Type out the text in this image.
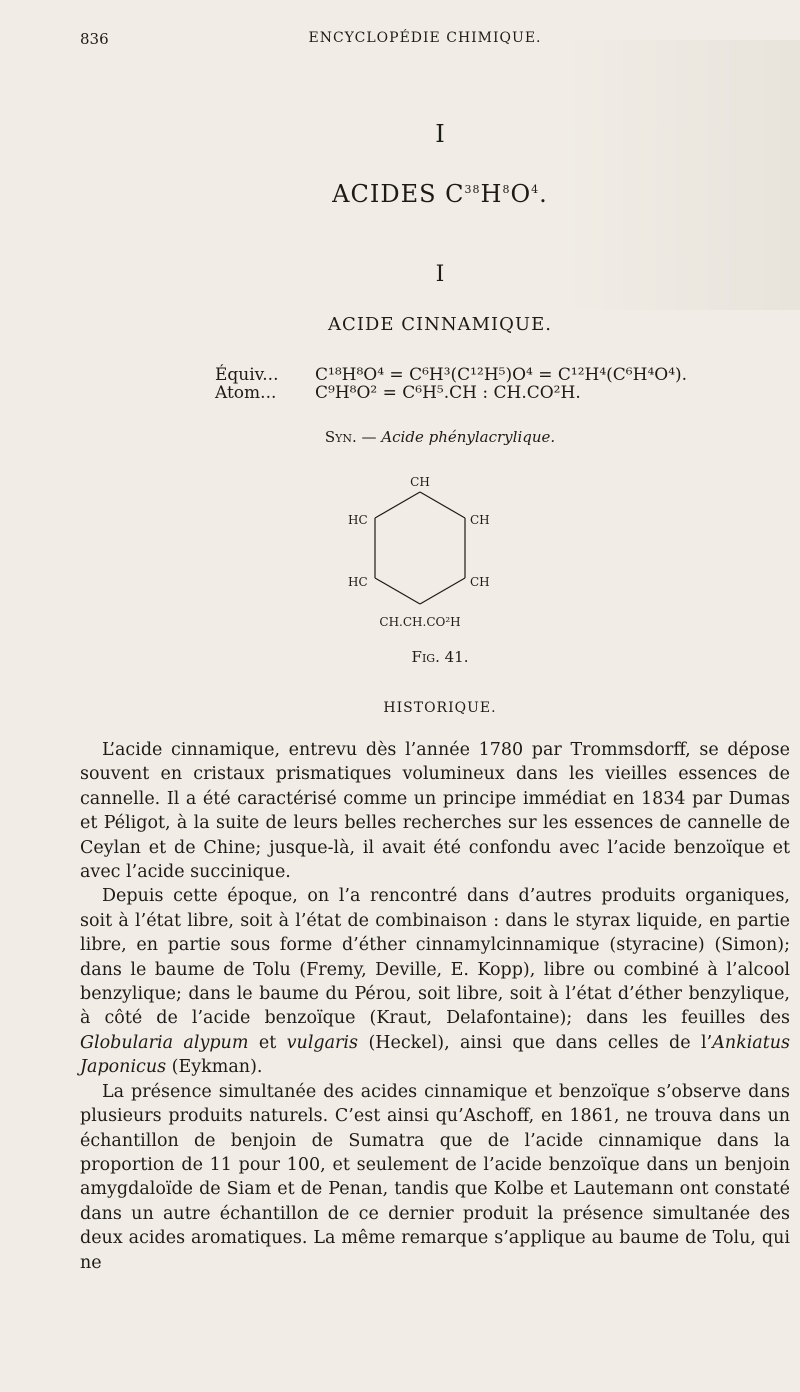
836	ENCYCLOPÉDIE CHIMIQUE.
I
ACIDES $C^{38}H^8O^4$.
I
ACIDE CINNAMIQUE.
Équiv... C¹⁸H⁸O⁴ = C⁶H³(C¹²H⁵)O⁴ = C¹²H⁴(C⁶H⁴O⁴).
Atom... C⁹H⁸O² = C⁶H⁵.CH : CH.CO²H.
Syn. — Acide phénylacrylique.
CH
HC	CH
HC	CH
CH.CH.CO²H
Fig. 41.
HISTORIQUE.

L’acide cinnamique, entrevu dès l’année 1780 par Trommsdorff, se dépose souvent en cristaux prismatiques volumineux dans les vieilles essences de cannelle. Il a été caractérisé comme un principe immédiat en 1834 par Dumas et Péligot, à la suite de leurs belles recherches sur les essences de cannelle de Ceylan et de Chine; jusque-là, il avait été confondu avec l’acide benzoïque et avec l’acide succinique.

Depuis cette époque, on l’a rencontré dans d’autres produits organiques, soit à l’état libre, soit à l’état de combinaison : dans le styrax liquide, en partie libre, en partie sous forme d’éther cinnamylcinnamique (styracine) (Simon); dans le baume de Tolu (Fremy, Deville, E. Kopp), libre ou combiné à l’alcool benzylique; dans le baume du Pérou, soit libre, soit à l’état d’éther benzylique, à côté de l’acide benzoïque (Kraut, Delafontaine); dans les feuilles des Globularia alypum et vulgaris (Heckel), ainsi que dans celles de l’Ankiatus Japonicus (Eykman).

La présence simultanée des acides cinnamique et benzoïque s’observe dans plusieurs produits naturels. C’est ainsi qu’Aschoff, en 1861, ne trouva dans un échantillon de benjoin de Sumatra que de l’acide cinnamique dans la proportion de 11 pour 100, et seulement de l’acide benzoïque dans un benjoin amygdaloïde de Siam et de Penan, tandis que Kolbe et Lautemann ont constaté dans un autre échantillon de ce dernier produit la présence simultanée des deux acides aromatiques. La même remarque s’applique au baume de Tolu, qui ne
